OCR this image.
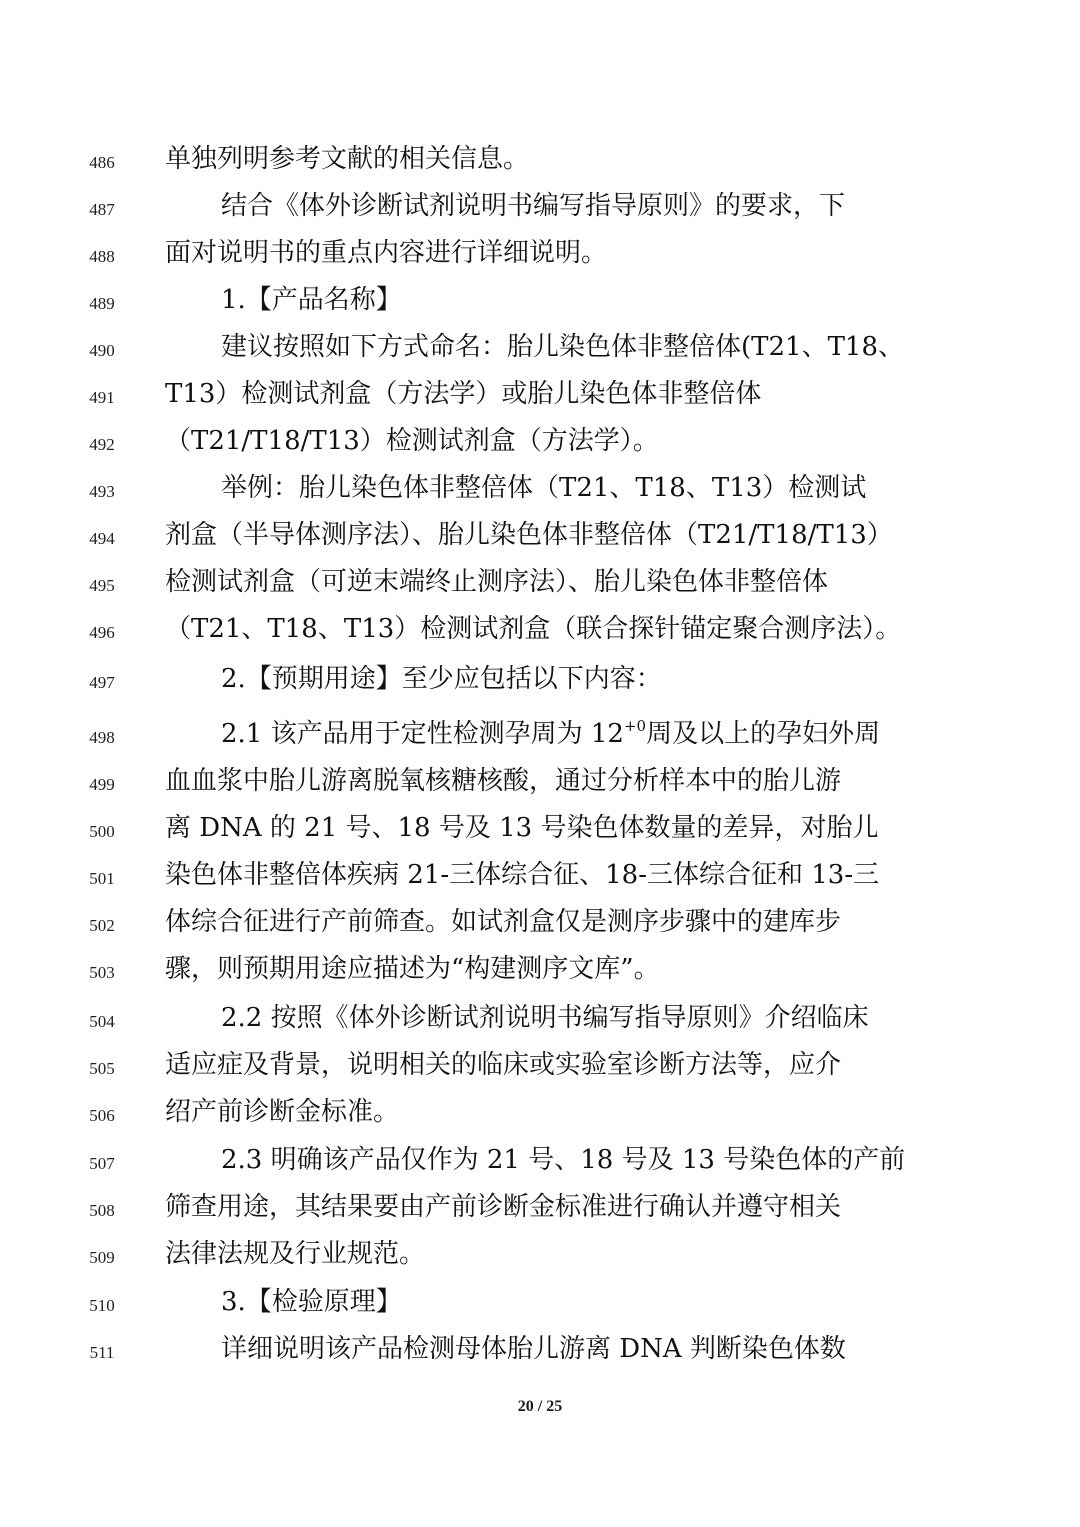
486	单独列明参考文献的相关信息。
487	结合《体外诊断试剂说明书编写指导原则》的要求，下
488	面对说明书的重点内容进行详细说明。
489	1.【产品名称】
490	建议按照如下方式命名：胎儿染色体非整倍体(T21、T18、
491	T13）检测试剂盒（方法学）或胎儿染色体非整倍体
492	（T21/T18/T13）检测试剂盒（方法学）。
493	举例：胎儿染色体非整倍体（T21、T18、T13）检测试
494	剂盒（半导体测序法）、胎儿染色体非整倍体（T21/T18/T13）
495	检测试剂盒（可逆末端终止测序法）、胎儿染色体非整倍体
496	（T21、T18、T13）检测试剂盒（联合探针锚定聚合测序法）。
497	2.【预期用途】至少应包括以下内容：
498	2.1 该产品用于定性检测孕周为 $12^{+0}$周及以上的孕妇外周
499	血血浆中胎儿游离脱氧核糖核酸，通过分析样本中的胎儿游
500	离 DNA 的 21 号、18 号及 13 号染色体数量的差异，对胎儿
501	染色体非整倍体疾病 21-三体综合征、18-三体综合征和 13-三
502	体综合征进行产前筛查。如试剂盒仅是测序步骤中的建库步
503	骤，则预期用途应描述为“构建测序文库”。
504	2.2 按照《体外诊断试剂说明书编写指导原则》介绍临床
505	适应症及背景，说明相关的临床或实验室诊断方法等，应介
506	绍产前诊断金标准。
507	2.3 明确该产品仅作为 21 号、18 号及 13 号染色体的产前
508	筛查用途，其结果要由产前诊断金标准进行确认并遵守相关
509	法律法规及行业规范。
510	3.【检验原理】
511	详细说明该产品检测母体胎儿游离 DNA 判断染色体数
20 / 25
